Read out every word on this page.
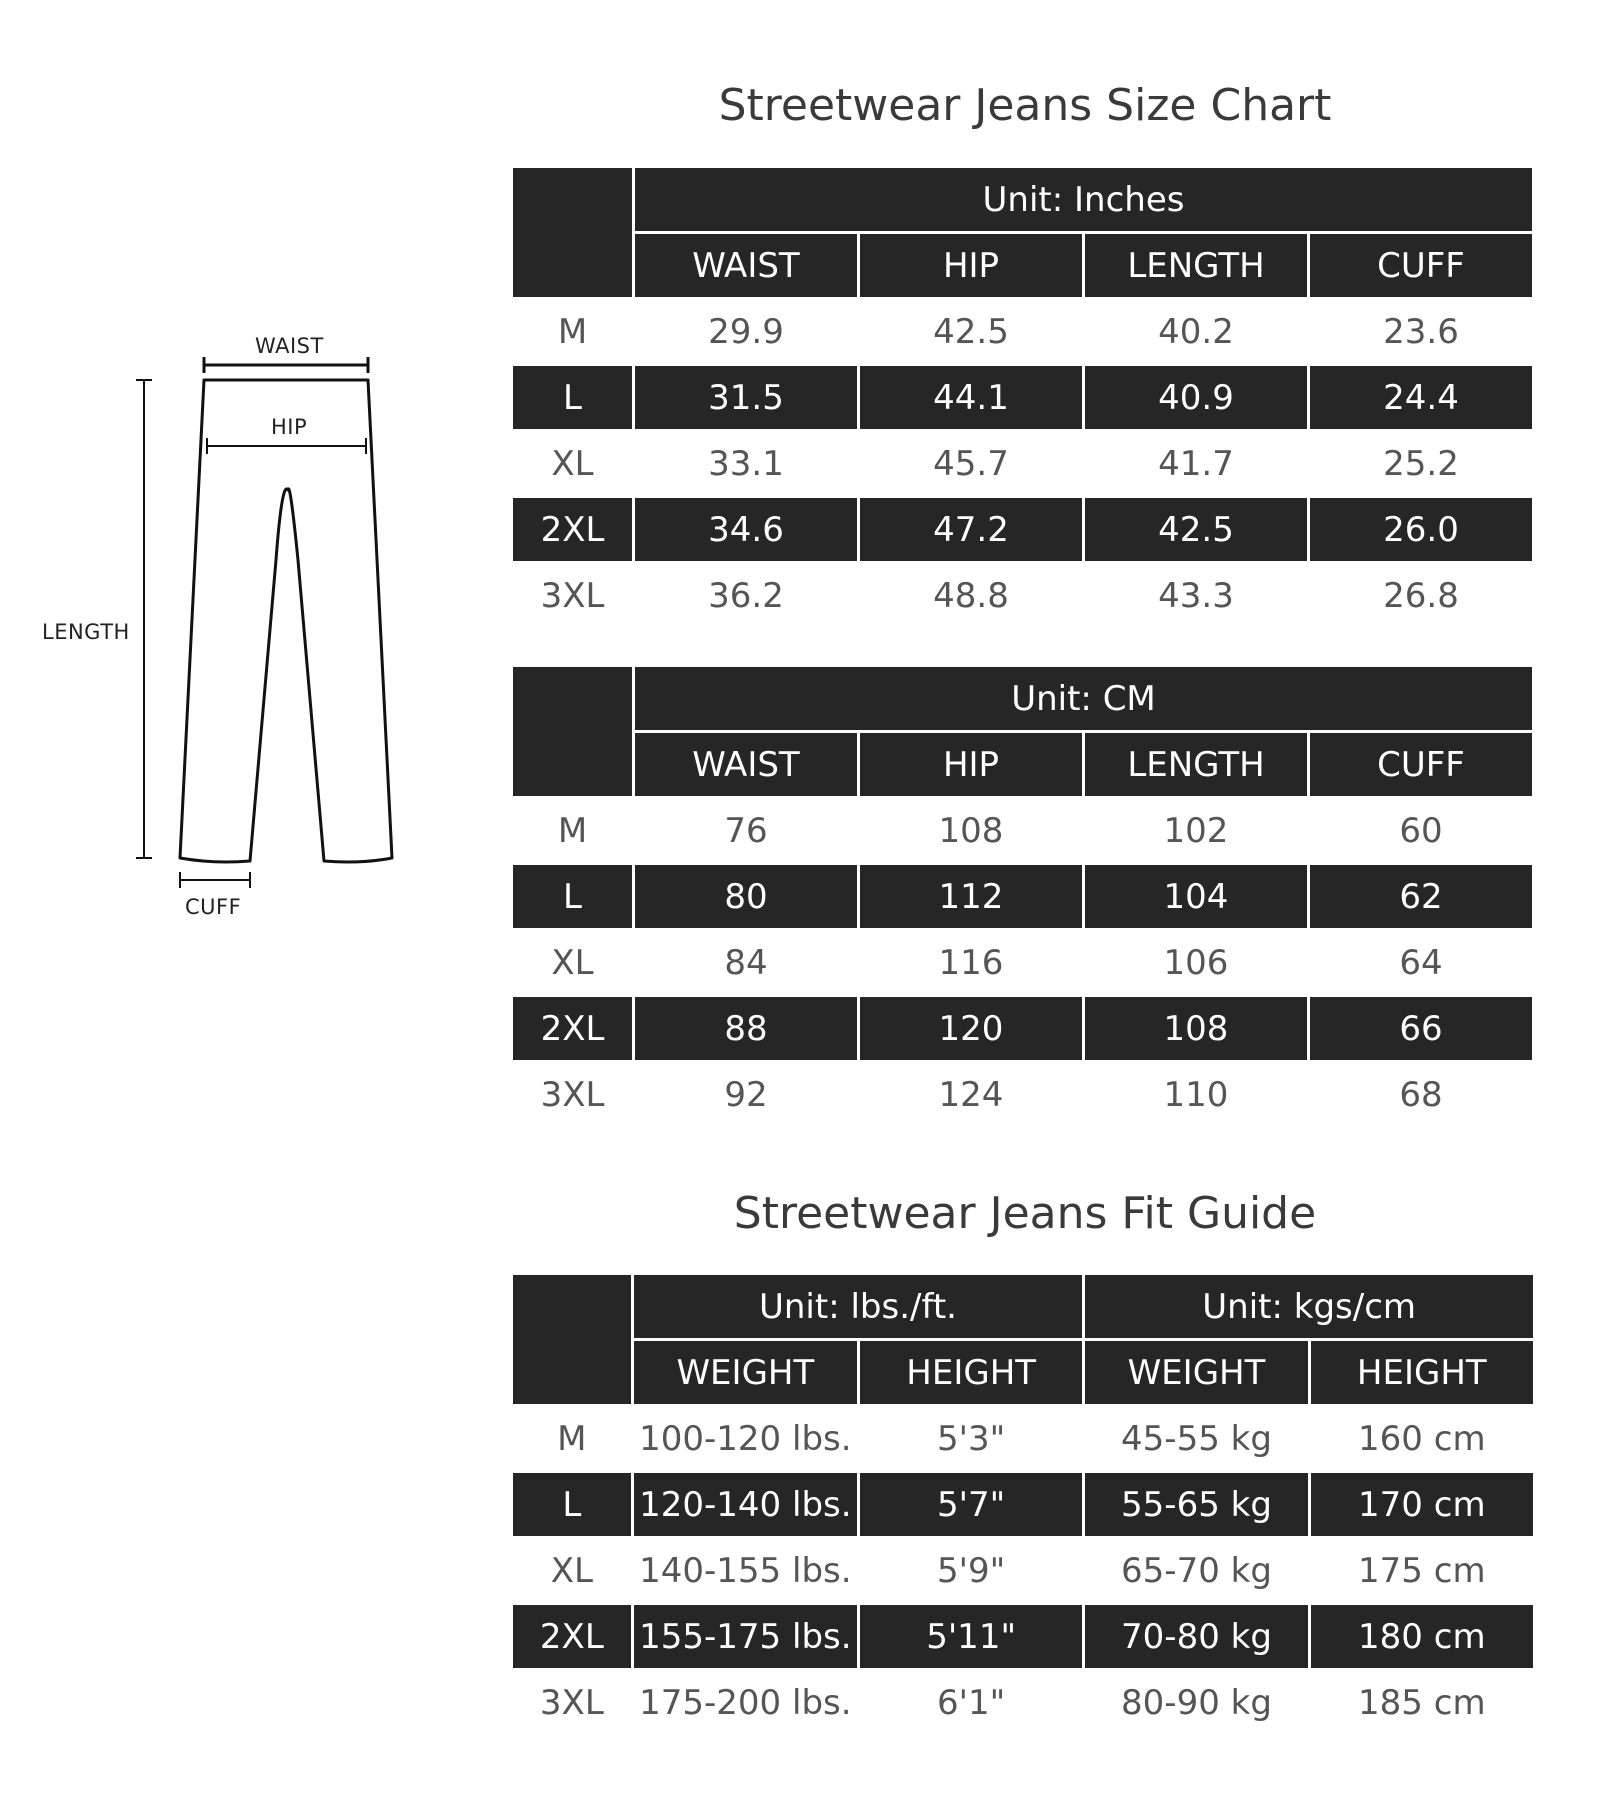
WAIST
HIP
LENGTH
CUFF
Streetwear Jeans Size Chart
	Unit: Inches			
	WAIST	HIP	LENGTH	CUFF
M	29.9	42.5	40.2	23.6
L	31.5	44.1	40.9	24.4
XL	33.1	45.7	41.7	25.2
2XL	34.6	47.2	42.5	26.0
3XL	36.2	48.8	43.3	26.8
	Unit: CM			
	WAIST	HIP	LENGTH	CUFF
M	76	108	102	60
L	80	112	104	62
XL	84	116	106	64
2XL	88	120	108	66
3XL	92	124	110	68
Streetwear Jeans Fit Guide
	Unit: lbs./ft.		Unit: kgs/cm	
	WEIGHT	HEIGHT	WEIGHT	HEIGHT
M	100-120 lbs.	5'3"	45-55 kg	160 cm
L	120-140 lbs.	5'7"	55-65 kg	170 cm
XL	140-155 lbs.	5'9"	65-70 kg	175 cm
2XL	155-175 lbs.	5'11"	70-80 kg	180 cm
3XL	175-200 lbs.	6'1"	80-90 kg	185 cm
